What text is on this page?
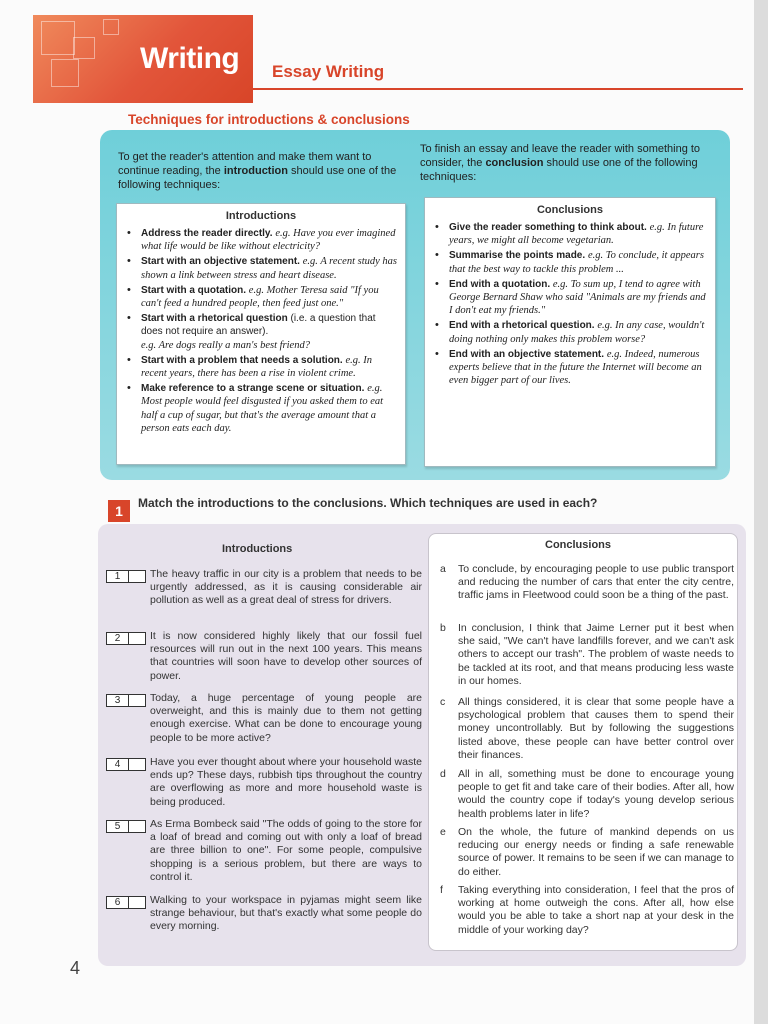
Writing Essay Writing
Techniques for introductions & conclusions
To get the reader's attention and make them want to continue reading, the introduction should use one of the following techniques:
To finish an essay and leave the reader with something to consider, the conclusion should use one of the following techniques:
Introductions
• Address the reader directly. e.g. Have you ever imagined what life would be like without electricity?
• Start with an objective statement. e.g. A recent study has shown a link between stress and heart disease.
• Start with a quotation. e.g. Mother Teresa said "If you can't feed a hundred people, then feed just one."
• Start with a rhetorical question (i.e. a question that does not require an answer).
e.g. Are dogs really a man's best friend?
• Start with a problem that needs a solution. e.g. In recent years, there has been a rise in violent crime.
• Make reference to a strange scene or situation. e.g. Most people would feel disgusted if you asked them to eat half a cup of sugar, but that's the average amount that a person eats each day.
Conclusions
• Give the reader something to think about. e.g. In future years, we might all become vegetarian.
• Summarise the points made. e.g. To conclude, it appears that the best way to tackle this problem ...
• End with a quotation. e.g. To sum up, I tend to agree with George Bernard Shaw who said "Animals are my friends and I don't eat my friends."
• End with a rhetorical question. e.g. In any case, wouldn't doing nothing only makes this problem worse?
• End with an objective statement. e.g. Indeed, numerous experts believe that in the future the Internet will become an even bigger part of our lives.
1	Match the introductions to the conclusions. Which techniques are used in each?
Introductions
1	The heavy traffic in our city is a problem that needs to be urgently addressed, as it is causing considerable air pollution as well as a great deal of stress for drivers.
2	It is now considered highly likely that our fossil fuel resources will run out in the next 100 years. This means that countries will soon have to develop other sources of power.
3	Today, a huge percentage of young people are overweight, and this is mainly due to them not getting enough exercise. What can be done to encourage young people to be more active?
4	Have you ever thought about where your household waste ends up? These days, rubbish tips throughout the country are overflowing as more and more household waste is being produced.
5	As Erma Bombeck said "The odds of going to the store for a loaf of bread and coming out with only a loaf of bread are three billion to one". For some people, compulsive shopping is a serious problem, but there are ways to control it.
6	Walking to your workspace in pyjamas might seem like strange behaviour, but that's exactly what some people do every morning.
Conclusions
a To conclude, by encouraging people to use public transport and reducing the number of cars that enter the city centre, traffic jams in Fleetwood could soon be a thing of the past.
b In conclusion, I think that Jaime Lerner put it best when she said, "We can't have landfills forever, and we can't ask others to accept our trash". The problem of waste needs to be tackled at its root, and that means producing less waste in our homes.
c All things considered, it is clear that some people have a psychological problem that causes them to spend their money uncontrollably. But by following the suggestions listed above, these people can have better control over their finances.
d All in all, something must be done to encourage young people to get fit and take care of their bodies. After all, how would the country cope if today's young develop serious health problems later in life?
e On the whole, the future of mankind depends on us reducing our energy needs or finding a safe renewable source of power. It remains to be seen if we can manage to do either.
f Taking everything into consideration, I feel that the pros of working at home outweigh the cons. After all, how else would you be able to take a short nap at your desk in the middle of your working day?
4
